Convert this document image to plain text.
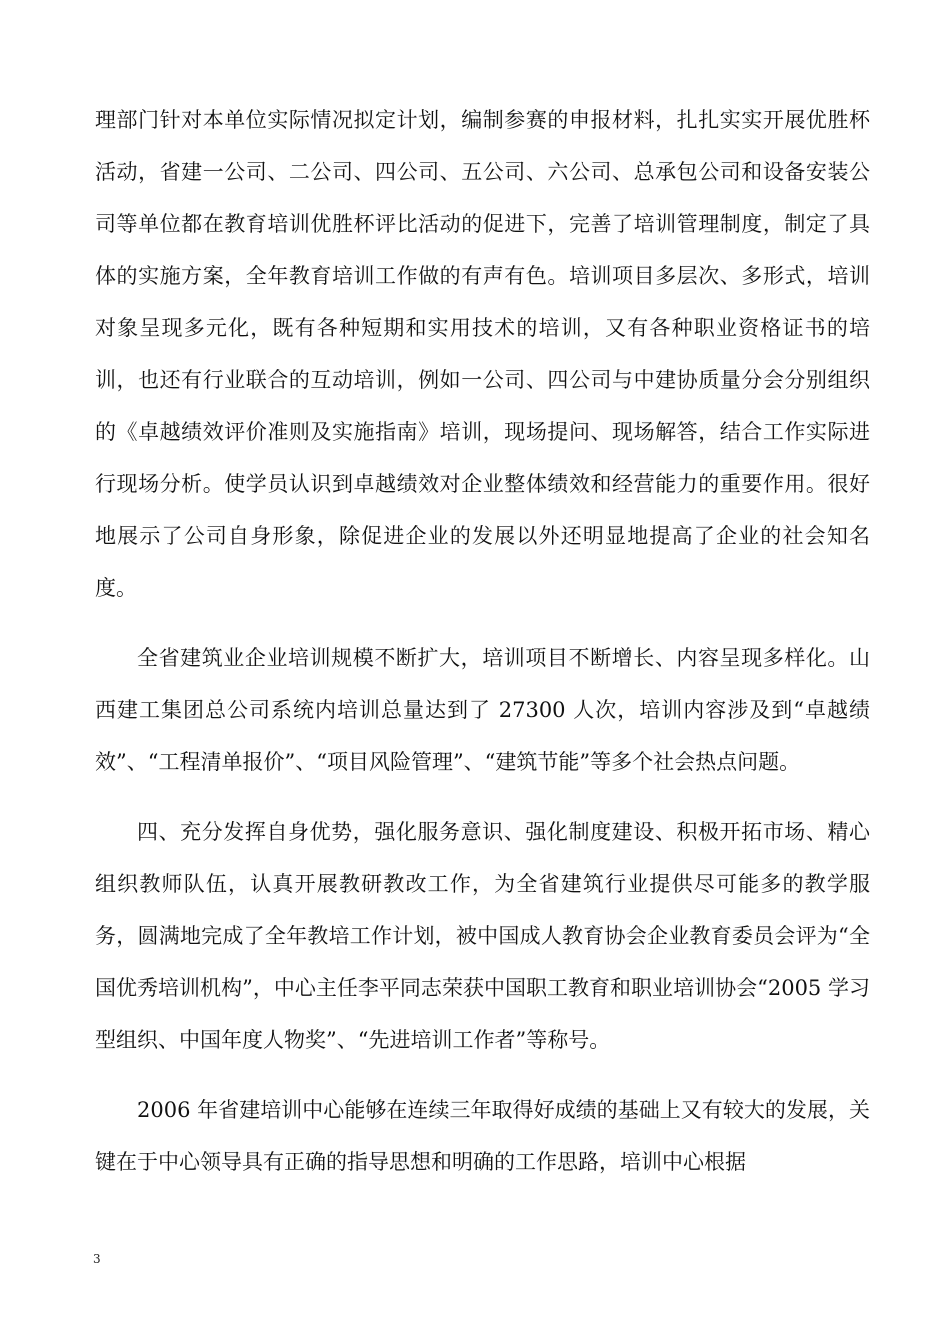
理部门针对本单位实际情况拟定计划，编制参赛的申报材料，扎扎实实开展优胜杯活动，省建一公司、二公司、四公司、五公司、六公司、总承包公司和设备安装公司等单位都在教育培训优胜杯评比活动的促进下，完善了培训管理制度，制定了具体的实施方案，全年教育培训工作做的有声有色。培训项目多层次、多形式，培训对象呈现多元化，既有各种短期和实用技术的培训，又有各种职业资格证书的培训，也还有行业联合的互动培训，例如一公司、四公司与中建协质量分会分别组织的《卓越绩效评价准则及实施指南》培训，现场提问、现场解答，结合工作实际进行现场分析。使学员认识到卓越绩效对企业整体绩效和经营能力的重要作用。很好地展示了公司自身形象，除促进企业的发展以外还明显地提高了企业的社会知名度。

全省建筑业企业培训规模不断扩大，培训项目不断增长、内容呈现多样化。山西建工集团总公司系统内培训总量达到了 27300 人次，培训内容涉及到“卓越绩效”、“工程清单报价”、“项目风险管理”、“建筑节能”等多个社会热点问题。

四、充分发挥自身优势，强化服务意识、强化制度建设、积极开拓市场、精心组织教师队伍，认真开展教研教改工作，为全省建筑行业提供尽可能多的教学服务，圆满地完成了全年教培工作计划，被中国成人教育协会企业教育委员会评为“全国优秀培训机构”，中心主任李平同志荣获中国职工教育和职业培训协会“2005 学习型组织、中国年度人物奖”、“先进培训工作者”等称号。

2006 年省建培训中心能够在连续三年取得好成绩的基础上又有较大的发展，关键在于中心领导具有正确的指导思想和明确的工作思路，培训中心根据

3
